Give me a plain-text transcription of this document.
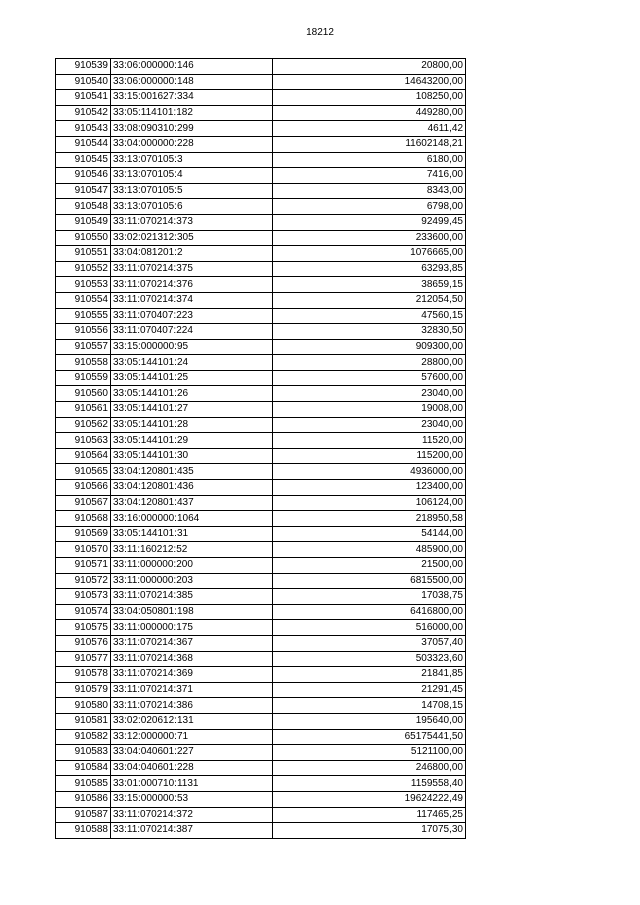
18212
910539	33:06:000000:146	20800,00
910540	33:06:000000:148	14643200,00
910541	33:15:001627:334	108250,00
910542	33:05:114101:182	449280,00
910543	33:08:090310:299	4611,42
910544	33:04:000000:228	11602148,21
910545	33:13:070105:3	6180,00
910546	33:13:070105:4	7416,00
910547	33:13:070105:5	8343,00
910548	33:13:070105:6	6798,00
910549	33:11:070214:373	92499,45
910550	33:02:021312:305	233600,00
910551	33:04:081201:2	1076665,00
910552	33:11:070214:375	63293,85
910553	33:11:070214:376	38659,15
910554	33:11:070214:374	212054,50
910555	33:11:070407:223	47560,15
910556	33:11:070407:224	32830,50
910557	33:15:000000:95	909300,00
910558	33:05:144101:24	28800,00
910559	33:05:144101:25	57600,00
910560	33:05:144101:26	23040,00
910561	33:05:144101:27	19008,00
910562	33:05:144101:28	23040,00
910563	33:05:144101:29	11520,00
910564	33:05:144101:30	115200,00
910565	33:04:120801:435	4936000,00
910566	33:04:120801:436	123400,00
910567	33:04:120801:437	106124,00
910568	33:16:000000:1064	218950,58
910569	33:05:144101:31	54144,00
910570	33:11:160212:52	485900,00
910571	33:11:000000:200	21500,00
910572	33:11:000000:203	6815500,00
910573	33:11:070214:385	17038,75
910574	33:04:050801:198	6416800,00
910575	33:11:000000:175	516000,00
910576	33:11:070214:367	37057,40
910577	33:11:070214:368	503323,60
910578	33:11:070214:369	21841,85
910579	33:11:070214:371	21291,45
910580	33:11:070214:386	14708,15
910581	33:02:020612:131	195640,00
910582	33:12:000000:71	65175441,50
910583	33:04:040601:227	5121100,00
910584	33:04:040601:228	246800,00
910585	33:01:000710:1131	1159558,40
910586	33:15:000000:53	19624222,49
910587	33:11:070214:372	117465,25
910588	33:11:070214:387	17075,30
